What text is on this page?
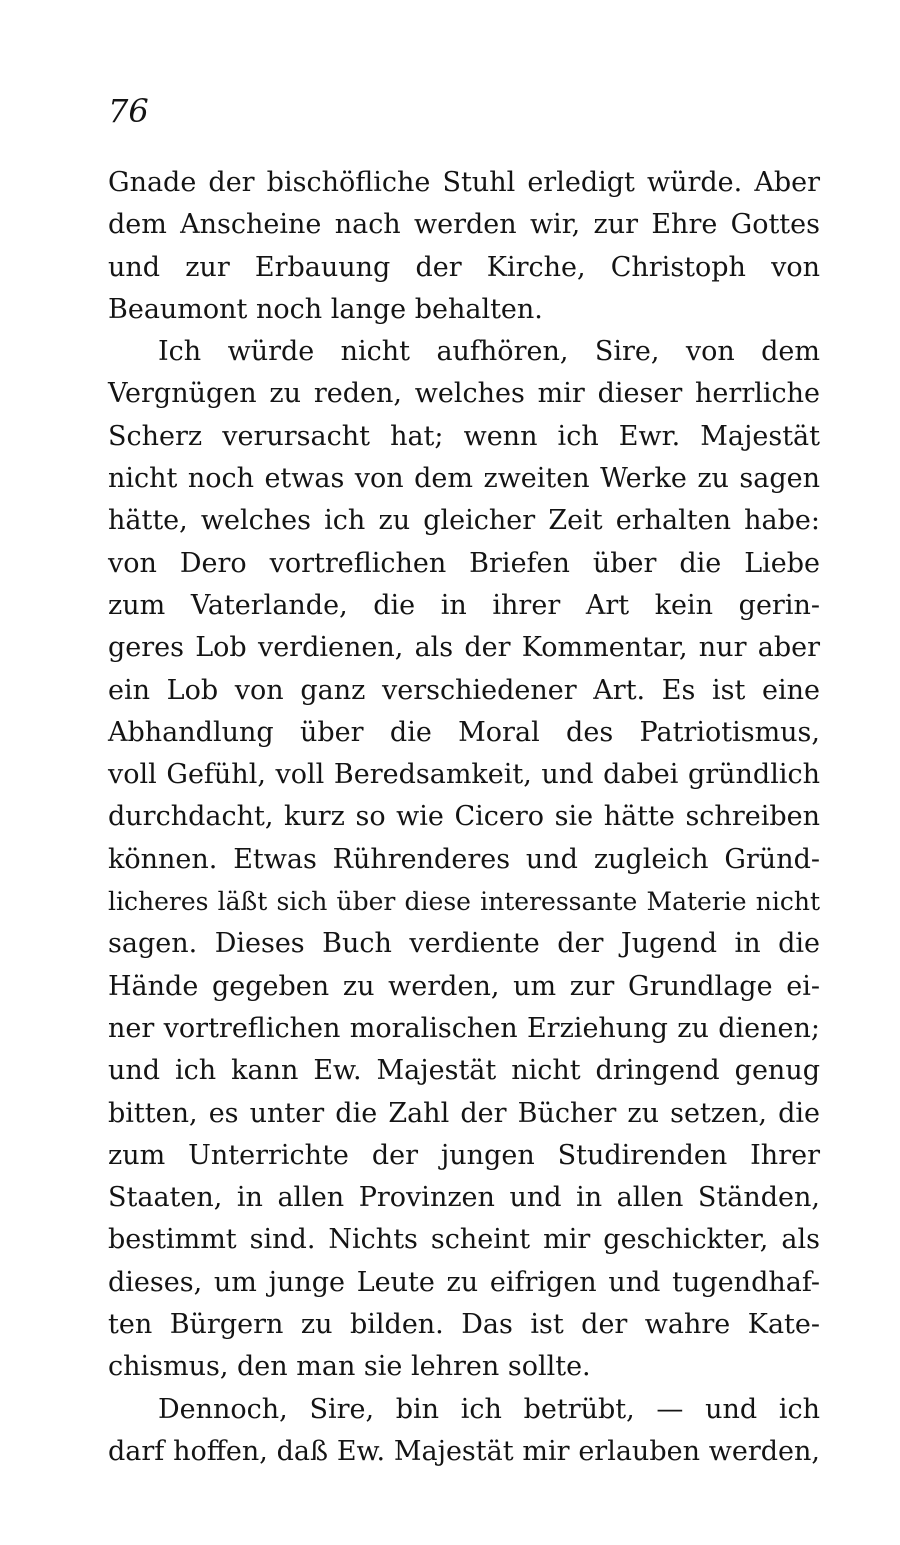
76
Gnade der bischöfliche Stuhl erledigt würde. Aber
dem Anscheine nach werden wir, zur Ehre Gottes
und zur Erbauung der Kirche, Christoph von
Beaumont noch lange behalten.
Ich würde nicht aufhören, Sire, von dem
Vergnügen zu reden, welches mir dieser herrliche
Scherz verursacht hat; wenn ich Ewr. Majestät
nicht noch etwas von dem zweiten Werke zu sagen
hätte, welches ich zu gleicher Zeit erhalten habe:
von Dero vortreflichen Briefen über die Liebe
zum Vaterlande, die in ihrer Art kein gerin-
geres Lob verdienen, als der Kommentar, nur aber
ein Lob von ganz verschiedener Art. Es ist eine
Abhandlung über die Moral des Patriotismus,
voll Gefühl, voll Beredsamkeit, und dabei gründlich
durchdacht, kurz so wie Cicero sie hätte schreiben
können. Etwas Rührenderes und zugleich Gründ-
licheres läßt sich über diese interessante Materie nicht
sagen. Dieses Buch verdiente der Jugend in die
Hände gegeben zu werden, um zur Grundlage ei-
ner vortreflichen moralischen Erziehung zu dienen;
und ich kann Ew. Majestät nicht dringend genug
bitten, es unter die Zahl der Bücher zu setzen, die
zum Unterrichte der jungen Studirenden Ihrer
Staaten, in allen Provinzen und in allen Ständen,
bestimmt sind. Nichts scheint mir geschickter, als
dieses, um junge Leute zu eifrigen und tugendhaf-
ten Bürgern zu bilden. Das ist der wahre Kate-
chismus, den man sie lehren sollte.
Dennoch, Sire, bin ich betrübt, — und ich
darf hoffen, daß Ew. Majestät mir erlauben werden,
